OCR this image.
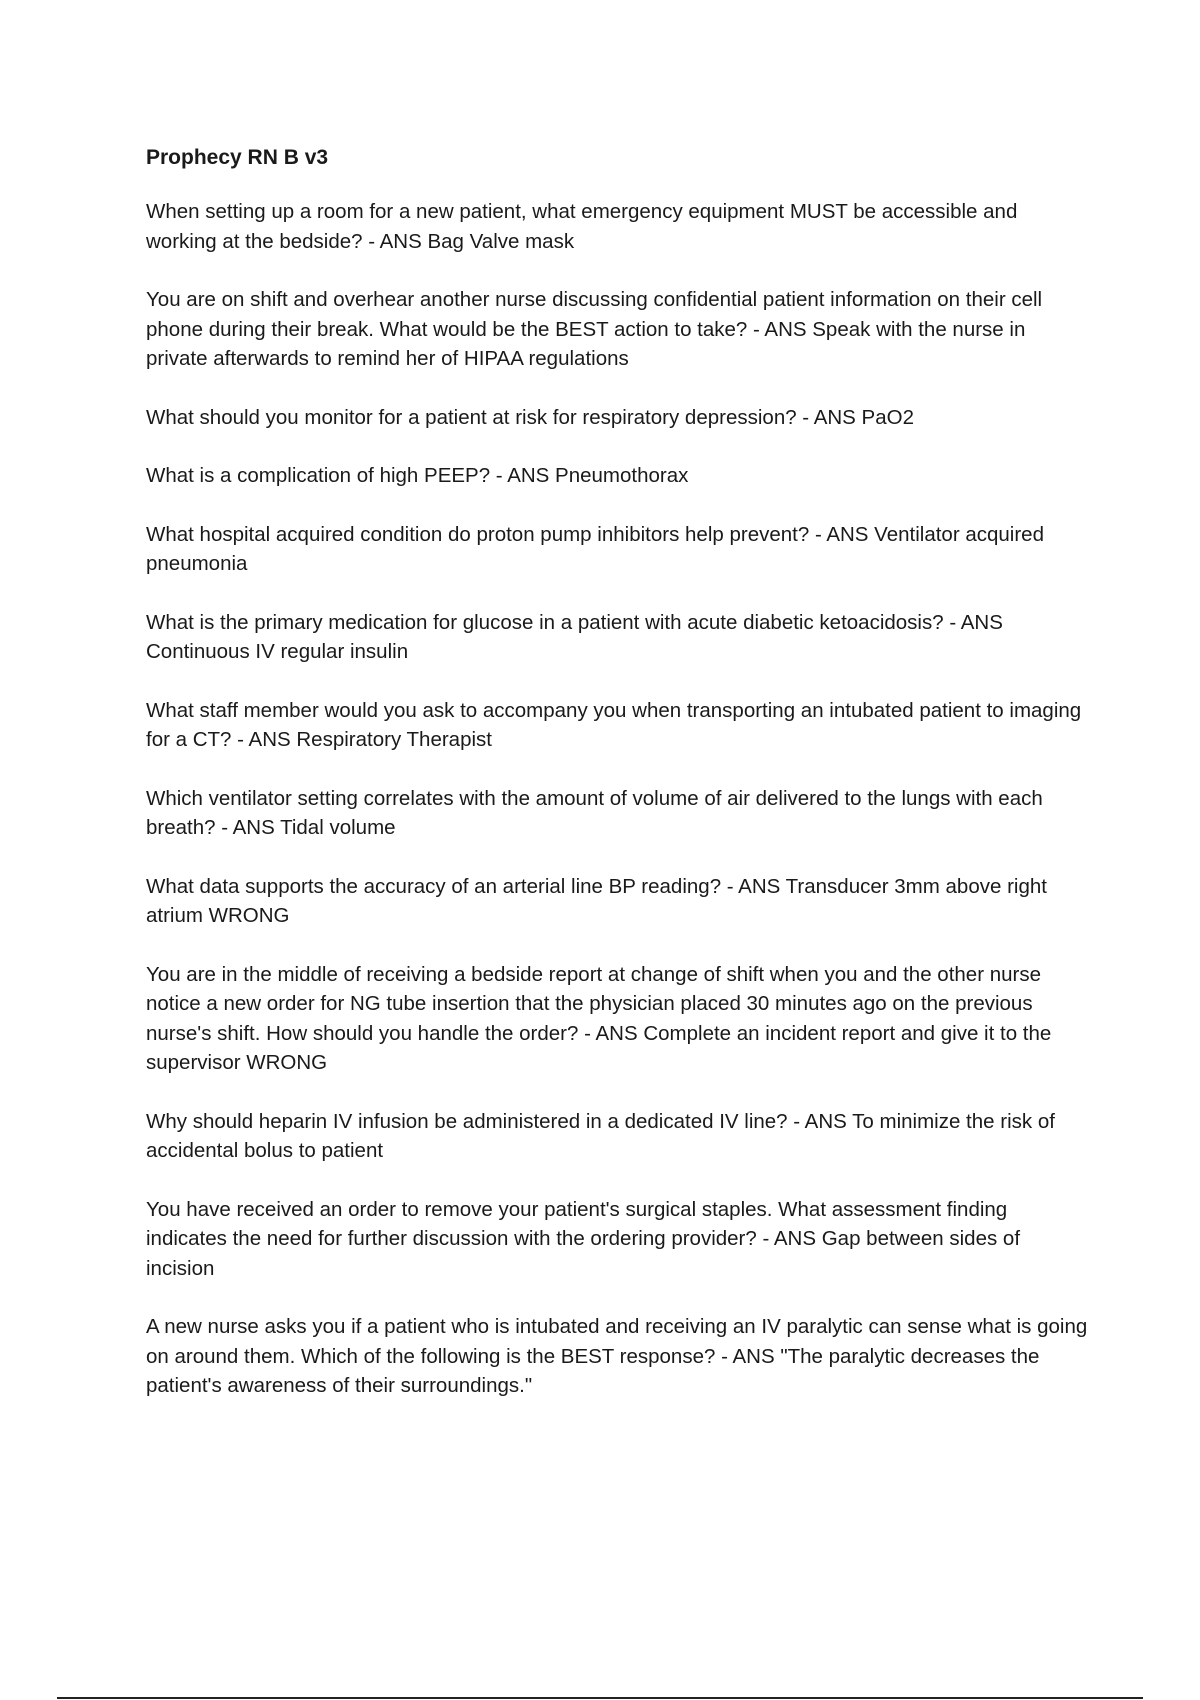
Prophecy RN B v3
When setting up a room for a new patient, what emergency equipment MUST be accessible and working at the bedside? - ANS Bag Valve mask
You are on shift and overhear another nurse discussing confidential patient information on their cell phone during their break. What would be the BEST action to take? - ANS Speak with the nurse in private afterwards to remind her of HIPAA regulations
What should you monitor for a patient at risk for respiratory depression? - ANS PaO2
What is a complication of high PEEP? - ANS Pneumothorax
What hospital acquired condition do proton pump inhibitors help prevent? - ANS Ventilator acquired pneumonia
What is the primary medication for glucose in a patient with acute diabetic ketoacidosis? - ANS Continuous IV regular insulin
What staff member would you ask to accompany you when transporting an intubated patient to imaging for a CT? - ANS Respiratory Therapist
Which ventilator setting correlates with the amount of volume of air delivered to the lungs with each breath? - ANS Tidal volume
What data supports the accuracy of an arterial line BP reading? - ANS Transducer 3mm above right atrium WRONG
You are in the middle of receiving a bedside report at change of shift when you and the other nurse notice a new order for NG tube insertion that the physician placed 30 minutes ago on the previous nurse's shift. How should you handle the order? - ANS Complete an incident report and give it to the supervisor WRONG
Why should heparin IV infusion be administered in a dedicated IV line? - ANS To minimize the risk of accidental bolus to patient
You have received an order to remove your patient's surgical staples. What assessment finding indicates the need for further discussion with the ordering provider? - ANS Gap between sides of incision
A new nurse asks you if a patient who is intubated and receiving an IV paralytic can sense what is going on around them. Which of the following is the BEST response? - ANS "The paralytic decreases the patient's awareness of their surroundings."
